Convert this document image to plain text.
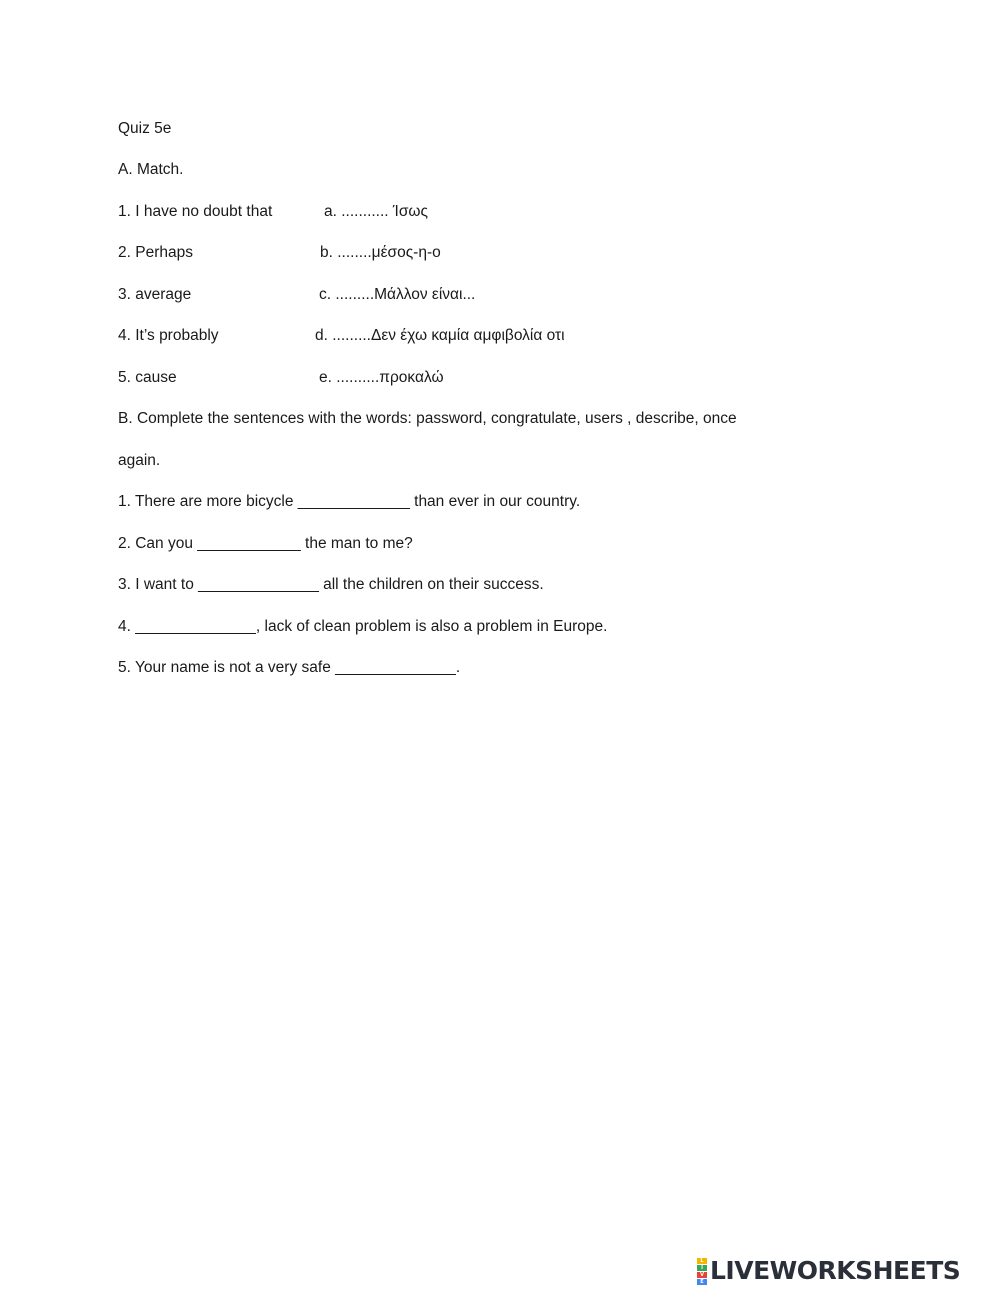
Quiz 5e
A. Match.
1. I have no doubt that	a. ........... Ίσως
2. Perhaps	b. ........μέσος-η-ο
3. average	c. .........Μάλλον είναι...
4. It’s probably	d. .........Δεν έχω καμία αμφιβολία οτι
5. cause	e. ..........προκαλώ
B. Complete the sentences with the words: password, congratulate, users , describe, once
again.
1. There are more bicycle _____________ than ever in our country.
2. Can you ____________ the man to me?
3. I want to ______________ all the children on their success.
4. ______________, lack of clean problem is also a problem in Europe.
5. Your name is not a very safe ______________.
L
I
V
E LIVEWORKSHEETS
